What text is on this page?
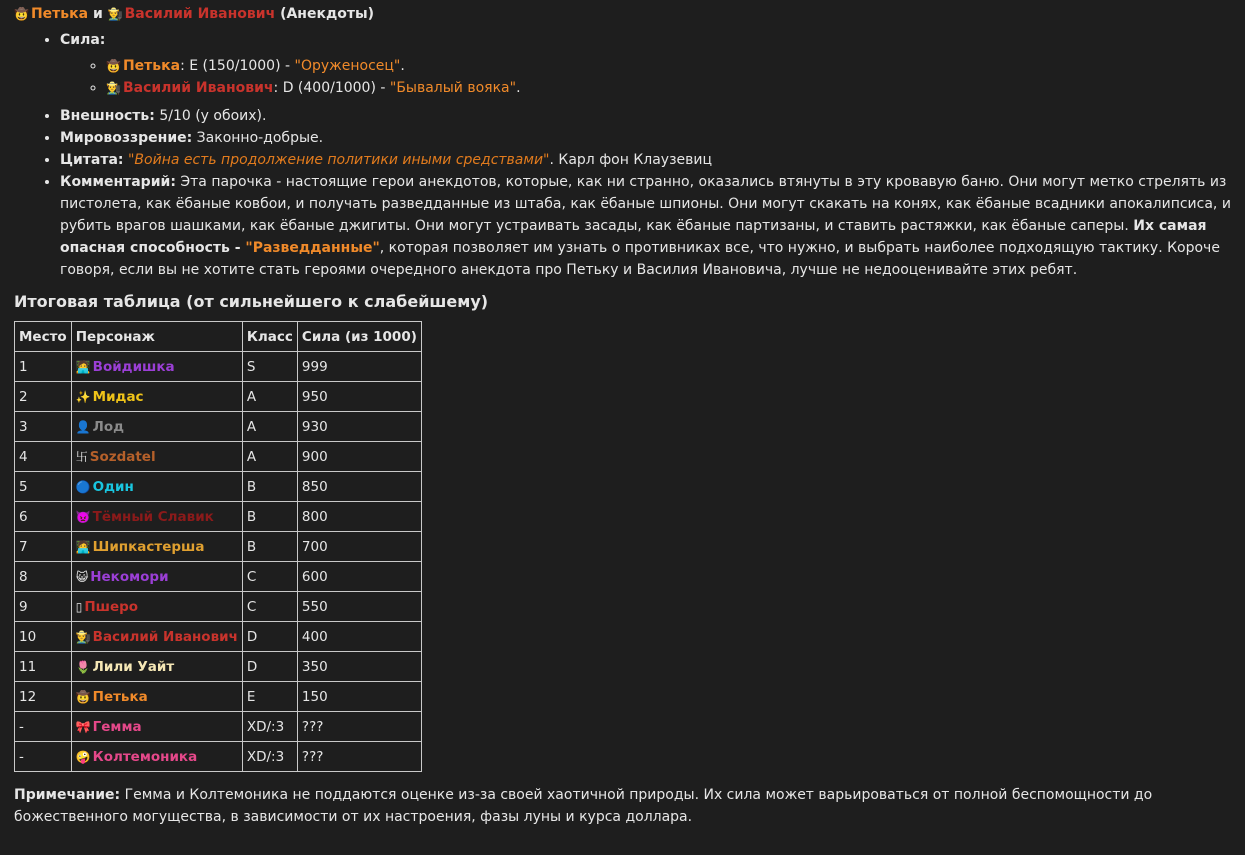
🤠 Петька и 👨‍🌾 Василий Иванович (Анекдоты)
• Сила:
◦ 🤠 Петька: E (150/1000) - "Оруженосец".
◦ 👨‍🌾 Василий Иванович: D (400/1000) - "Бывалый вояка".
• Внешность: 5/10 (у обоих).
• Мировоззрение: Законно-добрые.
• Цитата: "Война есть продолжение политики иными средствами". Карл фон Клаузевиц
• Комментарий: Эта парочка - настоящие герои анекдотов, которые, как ни странно, оказались втянуты в эту кровавую баню. Они могут метко стрелять из пистолета, как ёбаные ковбои, и получать разведданные из штаба, как ёбаные шпионы. Они могут скакать на конях, как ёбаные всадники апокалипсиса, и рубить врагов шашками, как ёбаные джигиты. Они могут устраивать засады, как ёбаные партизаны, и ставить растяжки, как ёбаные саперы. Их самая опасная способность - "Разведданные", которая позволяет им узнать о противниках все, что нужно, и выбрать наиболее подходящую тактику. Короче говоря, если вы не хотите стать героями очередного анекдота про Петьку и Василия Ивановича, лучше не недооценивайте этих ребят.
Итоговая таблица (от сильнейшего к слабейшему)
Место	Персонаж	Класс	Сила (из 1000)
1	🧑‍💻 Войдишка	S	999
2	✨ Мидас	A	950
3	👤 Лод	A	930
4	卐 Sozdatel	A	900
5	🔵 Один	B	850
6	👿 Тёмный Славик	B	800
7	🧑‍💻 Шипкастерша	B	700
8	😺 Некомори	C	600
9	▯ Пшеро	C	550
10	👨‍🌾 Василий Иванович	D	400
11	🌷 Лили Уайт	D	350
12	🤠 Петька	E	150
-	🎀 Гемма	XD/:3	???
-	🤪 Колтемоника	XD/:3	???
Примечание: Гемма и Колтемоника не поддаются оценке из-за своей хаотичной природы. Их сила может варьироваться от полной беспомощности до божественного могущества, в зависимости от их настроения, фазы луны и курса доллара.
